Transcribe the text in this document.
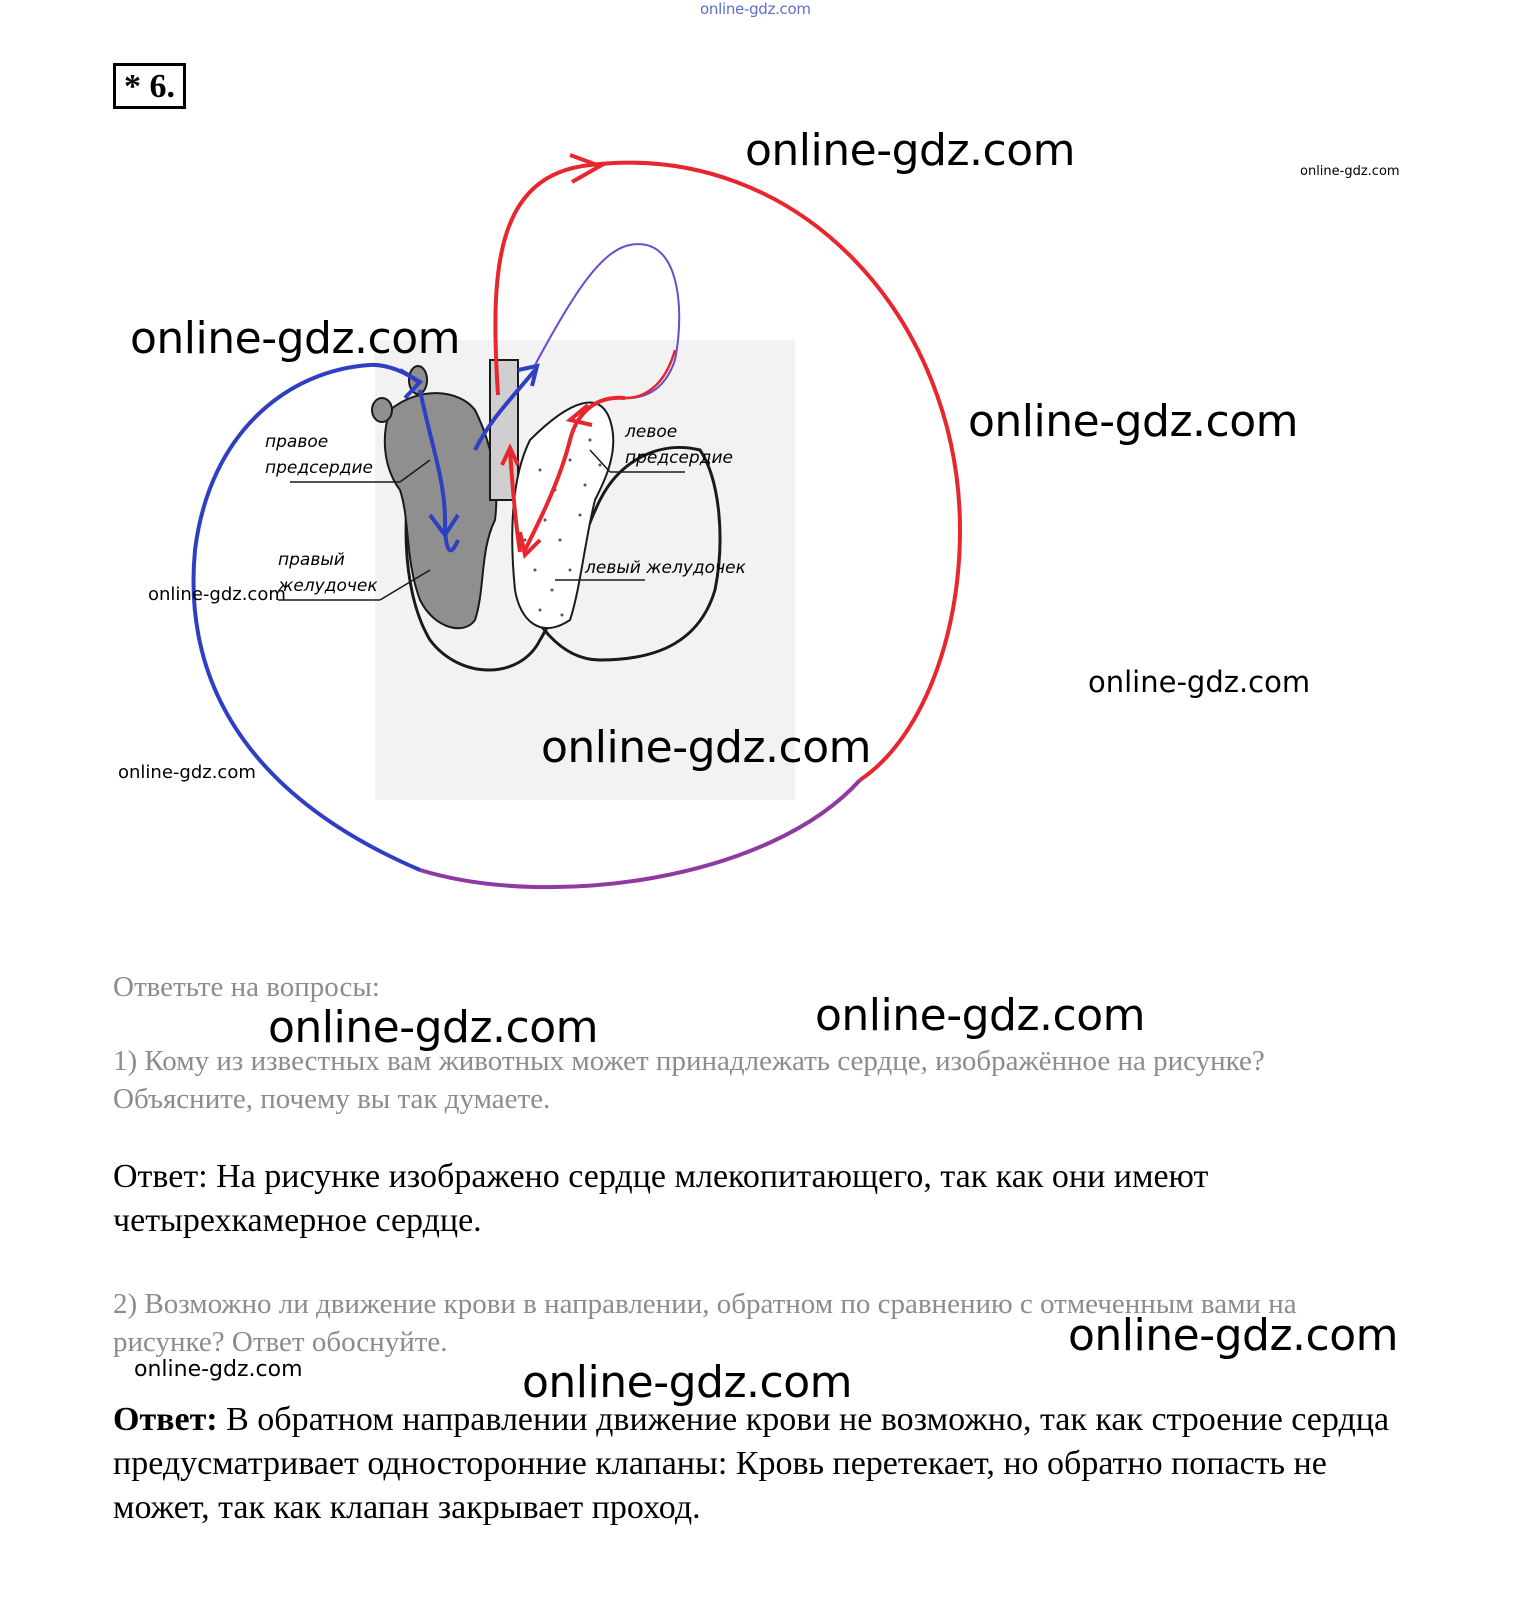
online-gdz.com
* 6.
правое
предсердие
правый
желудочек
левое
предсердие
левый желудочек
online-gdz.com	online-gdz.com
online-gdz.com
online-gdz.com
online-gdz.com
online-gdz.com
online-gdz.com
online-gdz.com
online-gdz.com
online-gdz.com
online-gdz.com
online-gdz.com	online-gdz.com
Ответьте на вопросы:
1) Кому из известных вам животных может принадлежать сердце, изображённое на рисунке? Объясните, почему вы так думаете.
Ответ: На рисунке изображено сердце млекопитающего, так как они имеют четырехкамерное сердце.
2) Возможно ли движение крови в направлении, обратном по сравнению с отмеченным вами на рисунке? Ответ обоснуйте.
Ответ: В обратном направлении движение крови не возможно, так как строение сердца предусматривает односторонние клапаны: Кровь перетекает, но обратно попасть не может, так как клапан закрывает проход.
